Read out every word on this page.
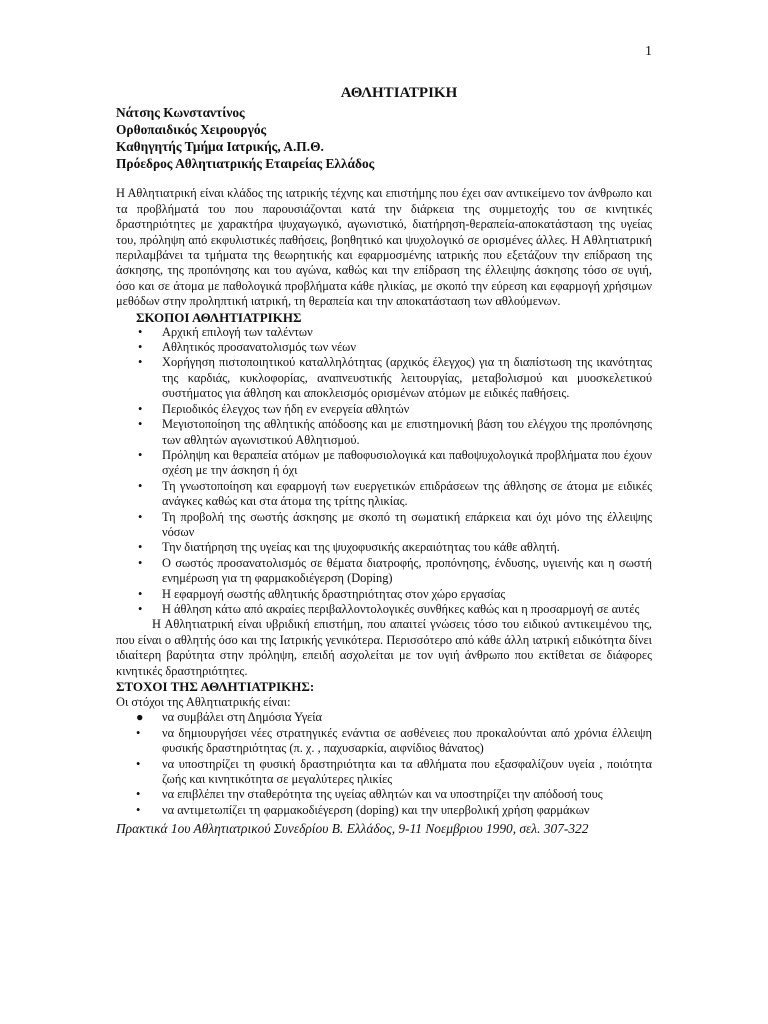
1
ΑΘΛΗΤΙΑΤΡΙΚΗ
Νάτσης Κωνσταντίνος
Ορθοπαιδικός Χειρουργός
Καθηγητής Τμήμα Ιατρικής, Α.Π.Θ.
Πρόεδρος Αθλητιατρικής Εταιρείας Ελλάδος

Η Αθλητιατρική είναι κλάδος της ιατρικής τέχνης και επιστήμης που έχει σαν αντικείμενο τον άνθρωπο και τα προβλήματά του που παρουσιάζονται κατά την διάρκεια της συμμετοχής του σε κινητικές δραστηριότητες με χαρακτήρα ψυχαγωγικό, αγωνιστικό, διατήρηση-θεραπεία-αποκατάσταση της υγείας του, πρόληψη από εκφυλιστικές παθήσεις, βοηθητικό και ψυχολογικό σε ορισμένες άλλες. Η Αθλητιατρική περιλαμβάνει τα τμήματα της θεωρητικής και εφαρμοσμένης ιατρικής που εξετάζουν την επίδραση της άσκησης, της προπόνησης και του αγώνα, καθώς και την επίδραση της έλλειψης άσκησης τόσο σε υγιή, όσο και σε άτομα με παθολογικά προβλήματα κάθε ηλικίας, με σκοπό την εύρεση και εφαρμογή χρήσιμων μεθόδων στην προληπτική ιατρική, τη θεραπεία και την αποκατάσταση των αθλούμενων.

ΣΚΟΠΟΙ ΑΘΛΗΤΙΑΤΡΙΚΗΣ
• Αρχική επιλογή των ταλέντων
• Αθλητικός προσανατολισμός των νέων
• Χορήγηση πιστοποιητικού καταλληλότητας (αρχικός έλεγχος) για τη διαπίστωση της ικανότητας της καρδιάς, κυκλοφορίας, αναπνευστικής λειτουργίας, μεταβολισμού και μυοσκελετικού συστήματος για άθληση και αποκλεισμός ορισμένων ατόμων με ειδικές παθήσεις.
• Περιοδικός έλεγχος των ήδη εν ενεργεία αθλητών
• Μεγιστοποίηση της αθλητικής απόδοσης και με επιστημονική βάση του ελέγχου της προπόνησης των αθλητών αγωνιστικού Αθλητισμού.
• Πρόληψη και θεραπεία ατόμων με παθοφυσιολογικά και παθοψυχολογικά προβλήματα που έχουν σχέση με την άσκηση ή όχι
• Τη γνωστοποίηση και εφαρμογή των ευεργετικών επιδράσεων της άθλησης σε άτομα με ειδικές ανάγκες καθώς και στα άτομα της τρίτης ηλικίας.
• Τη προβολή της σωστής άσκησης με σκοπό τη σωματική επάρκεια και όχι μόνο της έλλειψης νόσων
• Την διατήρηση της υγείας και της ψυχοφυσικής ακεραιότητας του κάθε αθλητή.
• Ο σωστός προσανατολισμός σε θέματα διατροφής, προπόνησης, ένδυσης, υγιεινής και η σωστή ενημέρωση για τη φαρμακοδιέγερση (Doping)
• Η εφαρμογή σωστής αθλητικής δραστηριότητας στον χώρο εργασίας
• Η άθληση κάτω από ακραίες περιβαλλοντολογικές συνθήκες καθώς και η προσαρμογή σε αυτές

Η Αθλητιατρική είναι υβριδική επιστήμη, που απαιτεί γνώσεις τόσο του ειδικού αντικειμένου της, που είναι ο αθλητής όσο και της Ιατρικής γενικότερα. Περισσότερο από κάθε άλλη ιατρική ειδικότητα δίνει ιδιαίτερη βαρύτητα στην πρόληψη, επειδή ασχολείται με τον υγιή άνθρωπο που εκτίθεται σε διάφορες κινητικές δραστηριότητες.

ΣΤΟΧΟΙ ΤΗΣ ΑΘΛΗΤΙΑΤΡΙΚΗΣ:
Οι στόχοι της Αθλητιατρικής είναι:
● να συμβάλει στη Δημόσια Υγεία
• να δημιουργήσει νέες στρατηγικές ενάντια σε ασθένειες που προκαλούνται από χρόνια έλλειψη φυσικής δραστηριότητας (π. χ. , παχυσαρκία, αιφνίδιος θάνατος)
• να υποστηρίζει τη φυσική δραστηριότητα και τα αθλήματα που εξασφαλίζουν υγεία , ποιότητα ζωής και κινητικότητα σε μεγαλύτερες ηλικίες
• να επιβλέπει την σταθερότητα της υγείας αθλητών και να υποστηρίζει την απόδοσή τους
• να αντιμετωπίζει τη φαρμακοδιέγερση (doping) και την υπερβολική χρήση φαρμάκων
Πρακτικά 1ου Αθλητιατρικού Συνεδρίου Β. Ελλάδος, 9-11 Νοεμβριου 1990, σελ. 307-322
